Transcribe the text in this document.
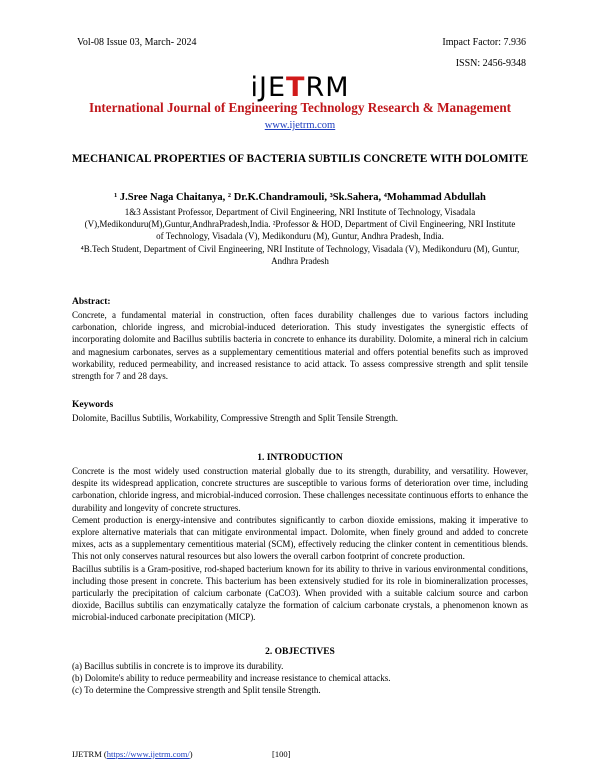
Vol-08 Issue 03, March- 2024	Impact Factor: 7.936
ISSN: 2456-9348
iJETRM
International Journal of Engineering Technology Research & Management
www.ijetrm.com
MECHANICAL PROPERTIES OF BACTERIA SUBTILIS CONCRETE WITH DOLOMITE
¹ J.Sree Naga Chaitanya, ² Dr.K.Chandramouli, ³Sk.Sahera, ⁴Mohammad Abdullah
1&3 Assistant Professor, Department of Civil Engineering, NRI Institute of Technology, Visadala (V),Medikonduru(M),Guntur,AndhraPradesh,India. ²Professor & HOD, Department of Civil Engineering, NRI Institute of Technology, Visadala (V), Medikonduru (M), Guntur, Andhra Pradesh, India.
⁴B.Tech Student, Department of Civil Engineering, NRI Institute of Technology, Visadala (V), Medikonduru (M), Guntur, Andhra Pradesh
Abstract:
Concrete, a fundamental material in construction, often faces durability challenges due to various factors including carbonation, chloride ingress, and microbial-induced deterioration. This study investigates the synergistic effects of incorporating dolomite and Bacillus subtilis bacteria in concrete to enhance its durability. Dolomite, a mineral rich in calcium and magnesium carbonates, serves as a supplementary cementitious material and offers potential benefits such as improved workability, reduced permeability, and increased resistance to acid attack. To assess compressive strength and split tensile strength for 7 and 28 days.
Keywords
Dolomite, Bacillus Subtilis, Workability, Compressive Strength and Split Tensile Strength.
1. INTRODUCTION

Concrete is the most widely used construction material globally due to its strength, durability, and versatility. However, despite its widespread application, concrete structures are susceptible to various forms of deterioration over time, including carbonation, chloride ingress, and microbial-induced corrosion. These challenges necessitate continuous efforts to enhance the durability and longevity of concrete structures.

Cement production is energy-intensive and contributes significantly to carbon dioxide emissions, making it imperative to explore alternative materials that can mitigate environmental impact. Dolomite, when finely ground and added to concrete mixes, acts as a supplementary cementitious material (SCM), effectively reducing the clinker content in cementitious blends. This not only conserves natural resources but also lowers the overall carbon footprint of concrete production.

Bacillus subtilis is a Gram-positive, rod-shaped bacterium known for its ability to thrive in various environmental conditions, including those present in concrete. This bacterium has been extensively studied for its role in biomineralization processes, particularly the precipitation of calcium carbonate (CaCO3). When provided with a suitable calcium source and carbon dioxide, Bacillus subtilis can enzymatically catalyze the formation of calcium carbonate crystals, a phenomenon known as microbial-induced carbonate precipitation (MICP).

2. OBJECTIVES
(a) Bacillus subtilis in concrete is to improve its durability.
(b) Dolomite's ability to reduce permeability and increase resistance to chemical attacks.
(c) To determine the Compressive strength and Split tensile Strength.
IJETRM (https://www.ijetrm.com/)	[100]
